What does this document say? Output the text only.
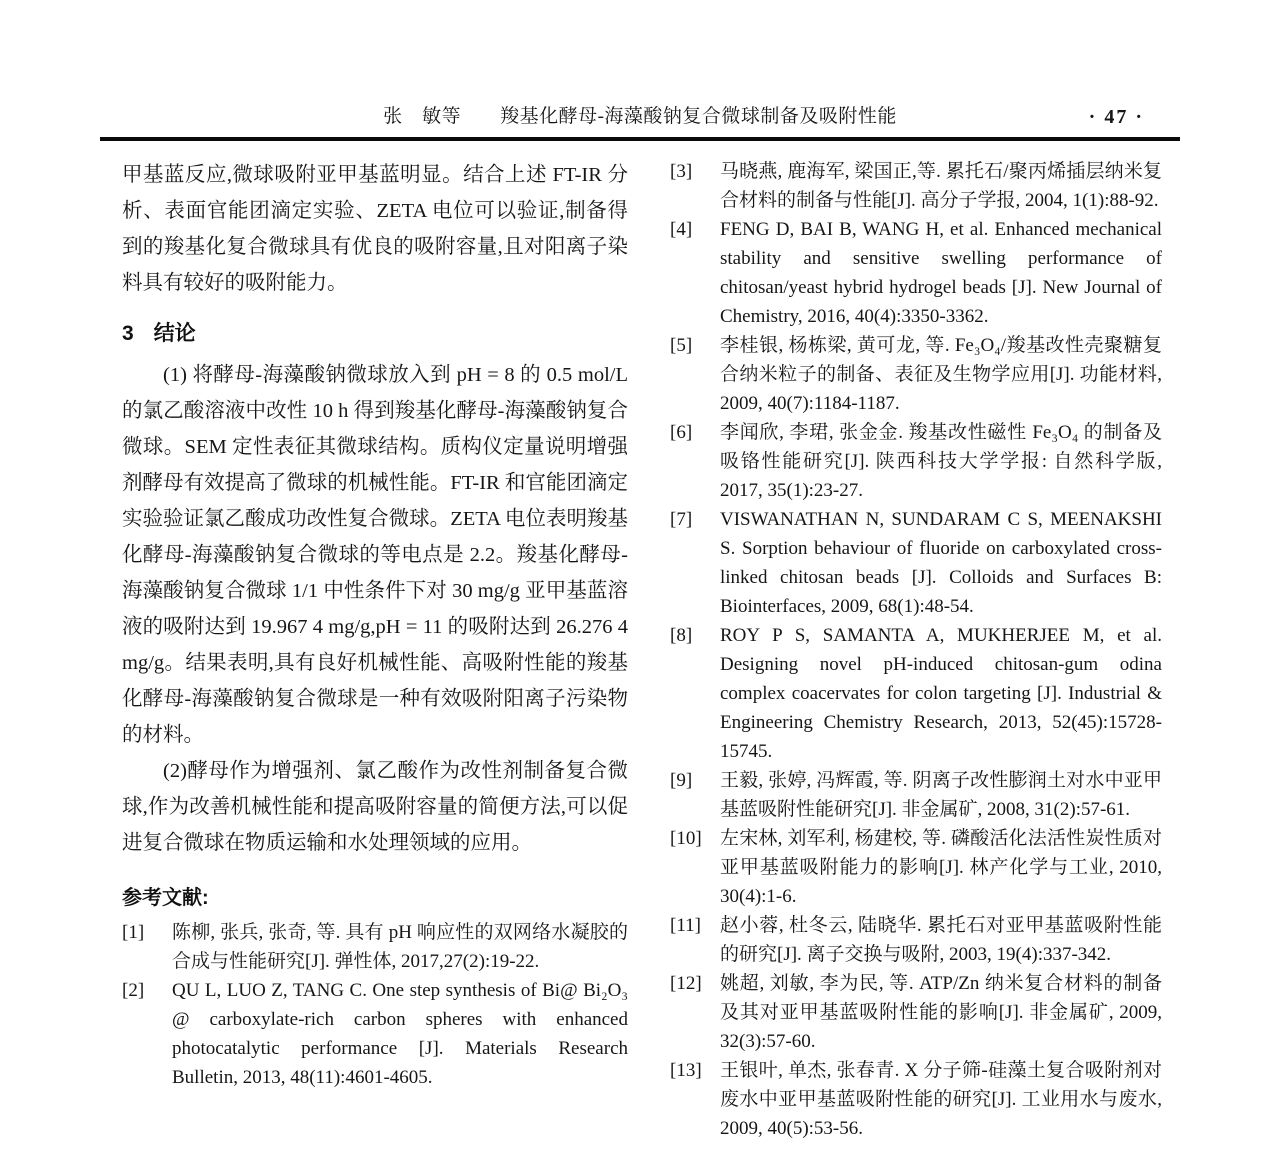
张　敏等　　羧基化酵母-海藻酸钠复合微球制备及吸附性能	· 47 ·

甲基蓝反应,微球吸附亚甲基蓝明显。结合上述 FT-IR 分析、表面官能团滴定实验、ZETA 电位可以验证,制备得到的羧基化复合微球具有优良的吸附容量,且对阳离子染料具有较好的吸附能力。

3 结论

(1) 将酵母-海藻酸钠微球放入到 pH = 8 的 0.5 mol/L的氯乙酸溶液中改性 10 h 得到羧基化酵母-海藻酸钠复合微球。SEM 定性表征其微球结构。质构仪定量说明增强剂酵母有效提高了微球的机械性能。FT-IR 和官能团滴定实验验证氯乙酸成功改性复合微球。ZETA 电位表明羧基化酵母-海藻酸钠复合微球的等电点是 2.2。羧基化酵母-海藻酸钠复合微球 1/1 中性条件下对 30 mg/g 亚甲基蓝溶液的吸附达到 19.967 4 mg/g,pH = 11 的吸附达到 26.276 4 mg/g。结果表明,具有良好机械性能、高吸附性能的羧基化酵母-海藻酸钠复合微球是一种有效吸附阳离子污染物的材料。

(2)酵母作为增强剂、氯乙酸作为改性剂制备复合微球,作为改善机械性能和提高吸附容量的简便方法,可以促进复合微球在物质运输和水处理领域的应用。

参考文献:
[1] 陈柳, 张兵, 张奇, 等. 具有 pH 响应性的双网络水凝胶的合成与性能研究[J]. 弹性体, 2017,27(2):19-22.
[2] QU L, LUO Z, TANG C. One step synthesis of Bi@ Bi₂O₃ @ carboxylate-rich carbon spheres with enhanced photocatalytic performance [J]. Materials Research Bulletin, 2013, 48(11):4601-4605.
[3] 马晓燕, 鹿海军, 梁国正,等. 累托石/聚丙烯插层纳米复合材料的制备与性能[J]. 高分子学报, 2004, 1(1):88-92.
[4] FENG D, BAI B, WANG H, et al. Enhanced mechanical stability and sensitive swelling performance of chitosan/yeast hybrid hydrogel beads [J]. New Journal of Chemistry, 2016, 40(4):3350-3362.
[5] 李桂银, 杨栋梁, 黄可龙, 等. Fe₃O₄/羧基改性壳聚糖复合纳米粒子的制备、表征及生物学应用[J]. 功能材料, 2009, 40(7):1184-1187.
[6] 李闻欣, 李珺, 张金金. 羧基改性磁性 Fe₃O₄ 的制备及吸铬性能研究[J]. 陕西科技大学学报: 自然科学版, 2017, 35(1):23-27.
[7] VISWANATHAN N, SUNDARAM C S, MEENAKSHI S. Sorption behaviour of fluoride on carboxylated cross-linked chitosan beads [J]. Colloids and Surfaces B: Biointerfaces, 2009, 68(1):48-54.
[8] ROY P S, SAMANTA A, MUKHERJEE M, et al. Designing novel pH-induced chitosan-gum odina complex coacervates for colon targeting [J]. Industrial & Engineering Chemistry Research, 2013, 52(45):15728-15745.
[9] 王毅, 张婷, 冯辉霞, 等. 阴离子改性膨润土对水中亚甲基蓝吸附性能研究[J]. 非金属矿, 2008, 31(2):57-61.
[10] 左宋林, 刘军利, 杨建校, 等. 磷酸活化法活性炭性质对亚甲基蓝吸附能力的影响[J]. 林产化学与工业, 2010, 30(4):1-6.
[11] 赵小蓉, 杜冬云, 陆晓华. 累托石对亚甲基蓝吸附性能的研究[J]. 离子交换与吸附, 2003, 19(4):337-342.
[12] 姚超, 刘敏, 李为民, 等. ATP/Zn 纳米复合材料的制备及其对亚甲基蓝吸附性能的影响[J]. 非金属矿, 2009, 32(3):57-60.
[13] 王银叶, 单杰, 张春青. X 分子筛-硅藻土复合吸附剂对废水中亚甲基蓝吸附性能的研究[J]. 工业用水与废水, 2009, 40(5):53-56.
